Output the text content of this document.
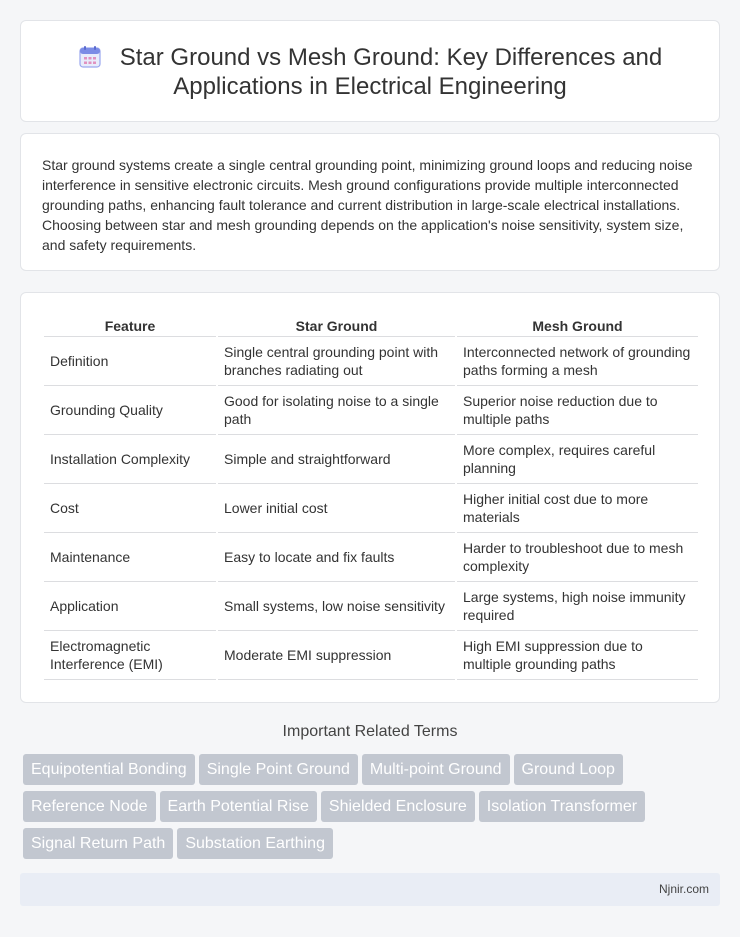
Star Ground vs Mesh Ground: Key Differences and
Applications in Electrical Engineering

Star ground systems create a single central grounding point, minimizing ground loops and reducing noise interference in sensitive electronic circuits. Mesh ground configurations provide multiple interconnected grounding paths, enhancing fault tolerance and current distribution in large-scale electrical installations. Choosing between star and mesh grounding depends on the application's noise sensitivity, system size, and safety requirements.

Feature	Star Ground	Mesh Ground
Definition	Single central grounding point with branches radiating out	Interconnected network of grounding paths forming a mesh
Grounding Quality	Good for isolating noise to a single path	Superior noise reduction due to multiple paths
Installation Complexity	Simple and straightforward	More complex, requires careful planning
Cost	Lower initial cost	Higher initial cost due to more materials
Maintenance	Easy to locate and fix faults	Harder to troubleshoot due to mesh complexity
Application	Small systems, low noise sensitivity	Large systems, high noise immunity required
Electromagnetic Interference (EMI)	Moderate EMI suppression	High EMI suppression due to multiple grounding paths
Important Related Terms
Equipotential Bonding Single Point Ground Multi-point Ground Ground Loop
Reference Node Earth Potential Rise Shielded Enclosure Isolation Transformer
Signal Return Path Substation Earthing
Njnir.com
